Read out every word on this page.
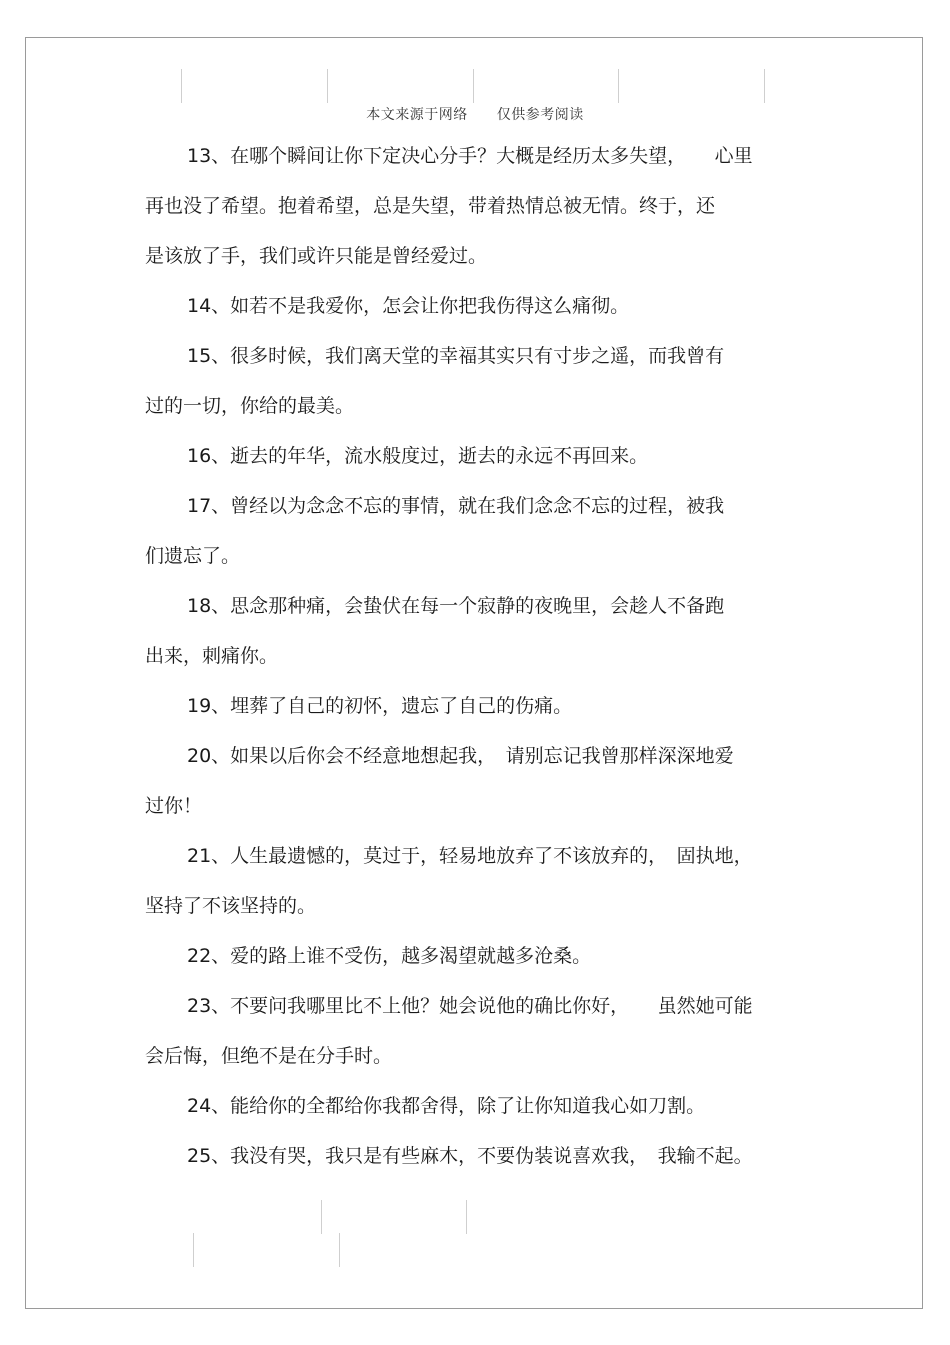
本文来源于网络 仅供参考阅读

13、在哪个瞬间让你下定决心分手？大概是经历太多失望，　　心里
再也没了希望。抱着希望，总是失望，带着热情总被无情。终于，还
是该放了手，我们或许只能是曾经爱过。

14、如若不是我爱你，怎会让你把我伤得这么痛彻。

15、很多时候，我们离天堂的幸福其实只有寸步之遥，而我曾有
过的一切，你给的最美。

16、逝去的年华，流水般度过，逝去的永远不再回来。

17、曾经以为念念不忘的事情，就在我们念念不忘的过程，被我
们遗忘了。

18、思念那种痛，会蛰伏在每一个寂静的夜晚里，会趁人不备跑
出来，刺痛你。

19、埋葬了自己的初怀，遗忘了自己的伤痛。

20、如果以后你会不经意地想起我，　请别忘记我曾那样深深地爱
过你！

21、人生最遗憾的，莫过于，轻易地放弃了不该放弃的，　固执地，
坚持了不该坚持的。

22、爱的路上谁不受伤，越多渴望就越多沧桑。

23、不要问我哪里比不上他？她会说他的确比你好，　　虽然她可能
会后悔，但绝不是在分手时。

24、能给你的全都给你我都舍得，除了让你知道我心如刀割。

25、我没有哭，我只是有些麻木，不要伪装说喜欢我，　我输不起。
